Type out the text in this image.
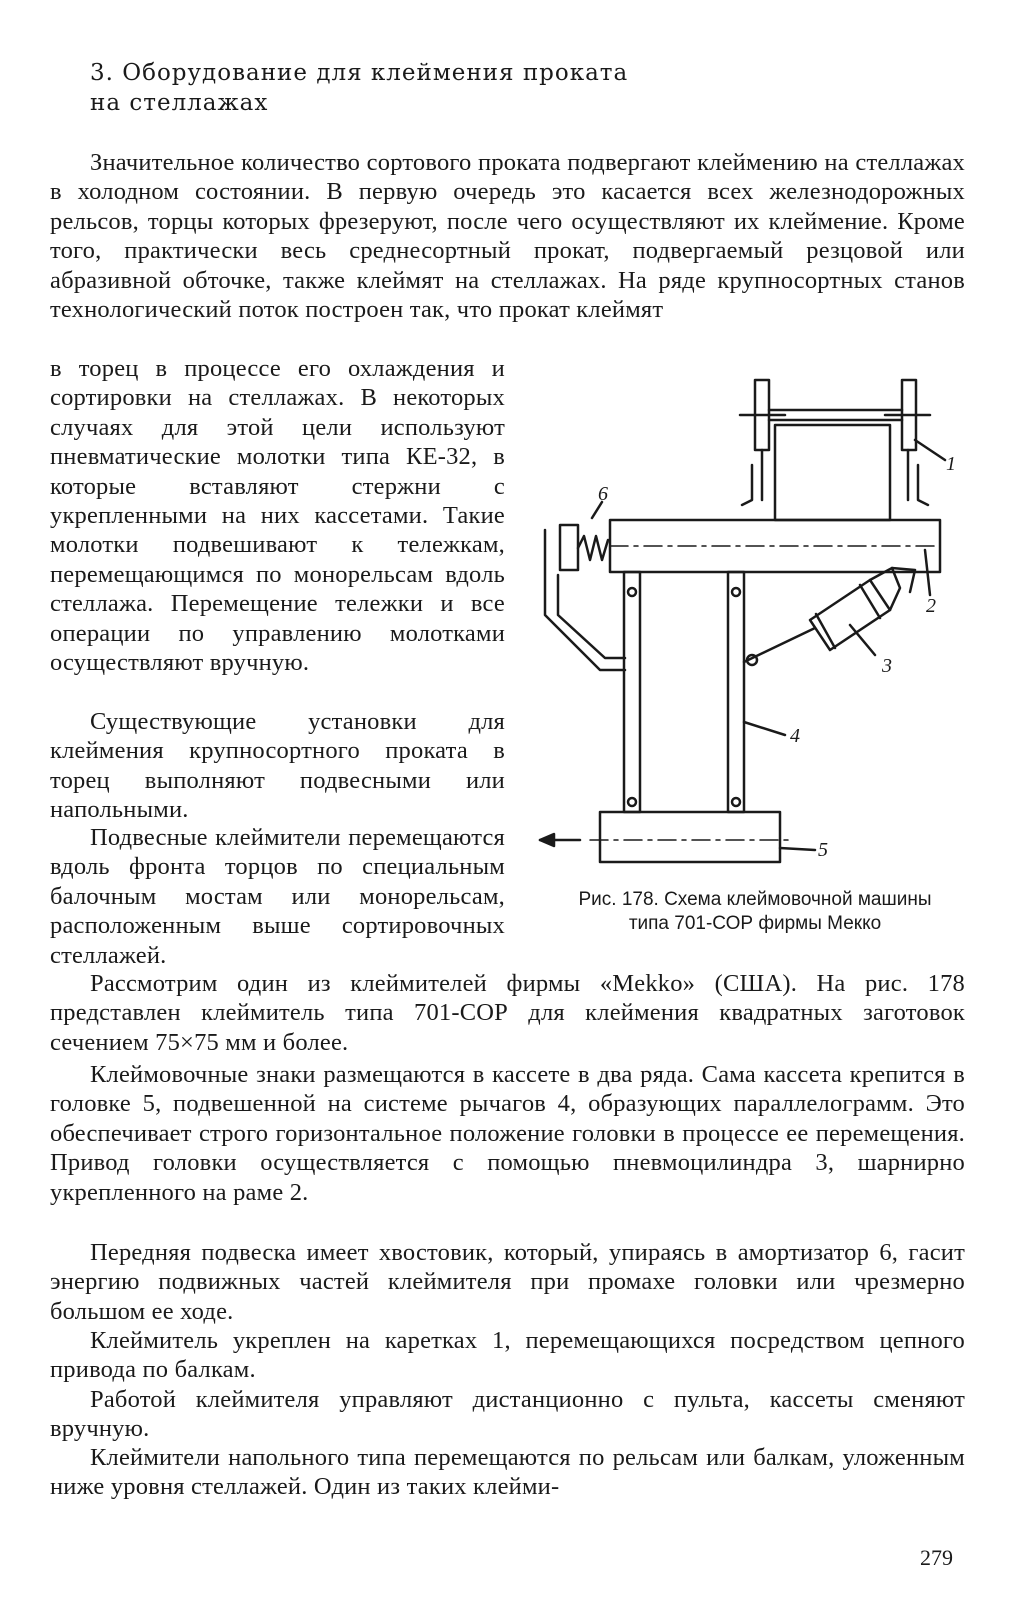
3. Оборудование для клеймения проката
на стеллажах

Значительное количество сортового проката подвергают клеймению на стеллажах в холодном состоянии. В первую очередь это касается всех железнодорожных рельсов, торцы которых фрезеруют, после чего осуществляют их клеймение. Кроме того, практически весь среднесортный прокат, подвергаемый резцовой или абразивной обточке, также клеймят на стеллажах. На ряде крупносортных станов технологический поток построен так, что прокат клеймят

в торец в процессе его охлаждения и сортировки на стеллажах. В некоторых случаях для этой цели используют пневматические молотки типа КЕ-32, в которые вставляют стержни с укрепленными на них кассетами. Такие молотки подвешивают к тележкам, перемещающимся по монорельсам вдоль стеллажа. Перемещение тележки и все операции по управлению молотками осуществляют вручную.

Существующие установки для клеймения крупносортного проката в торец выполняют подвесными или напольными.

Подвесные клеймители перемещаются вдоль фронта торцов по специальным балочным мостам или монорельсам, расположенным выше сортировочных стеллажей.

Рассмотрим один из клеймителей фирмы «Mekko» (США). На рис. 178 представлен клеймитель типа 701-СОР для клеймения квадратных заготовок сечением 75×75 мм и более.

Клеймовочные знаки размещаются в кассете в два ряда. Сама кассета крепится в головке 5, подвешенной на системе рычагов 4, образующих параллелограмм. Это обеспечивает строго горизонтальное положение головки в процессе ее перемещения. Привод головки осуществляется с помощью пневмоцилиндра 3, шарнирно укрепленного на раме 2.

Передняя подвеска имеет хвостовик, который, упираясь в амортизатор 6, гасит энергию подвижных частей клеймителя при промахе головки или чрезмерно большом ее ходе.

Клеймитель укреплен на каретках 1, перемещающихся посредством цепного привода по балкам.

Работой клеймителя управляют дистанционно с пульта, кассеты сменяют вручную.

Клеймители напольного типа перемещаются по рельсам или балкам, уложенным ниже уровня стеллажей. Один из таких клейми-

1
2
3
4
5
6

Рис. 178. Схема клеймовочной машины
типа 701-СОР фирмы Мекко

279
